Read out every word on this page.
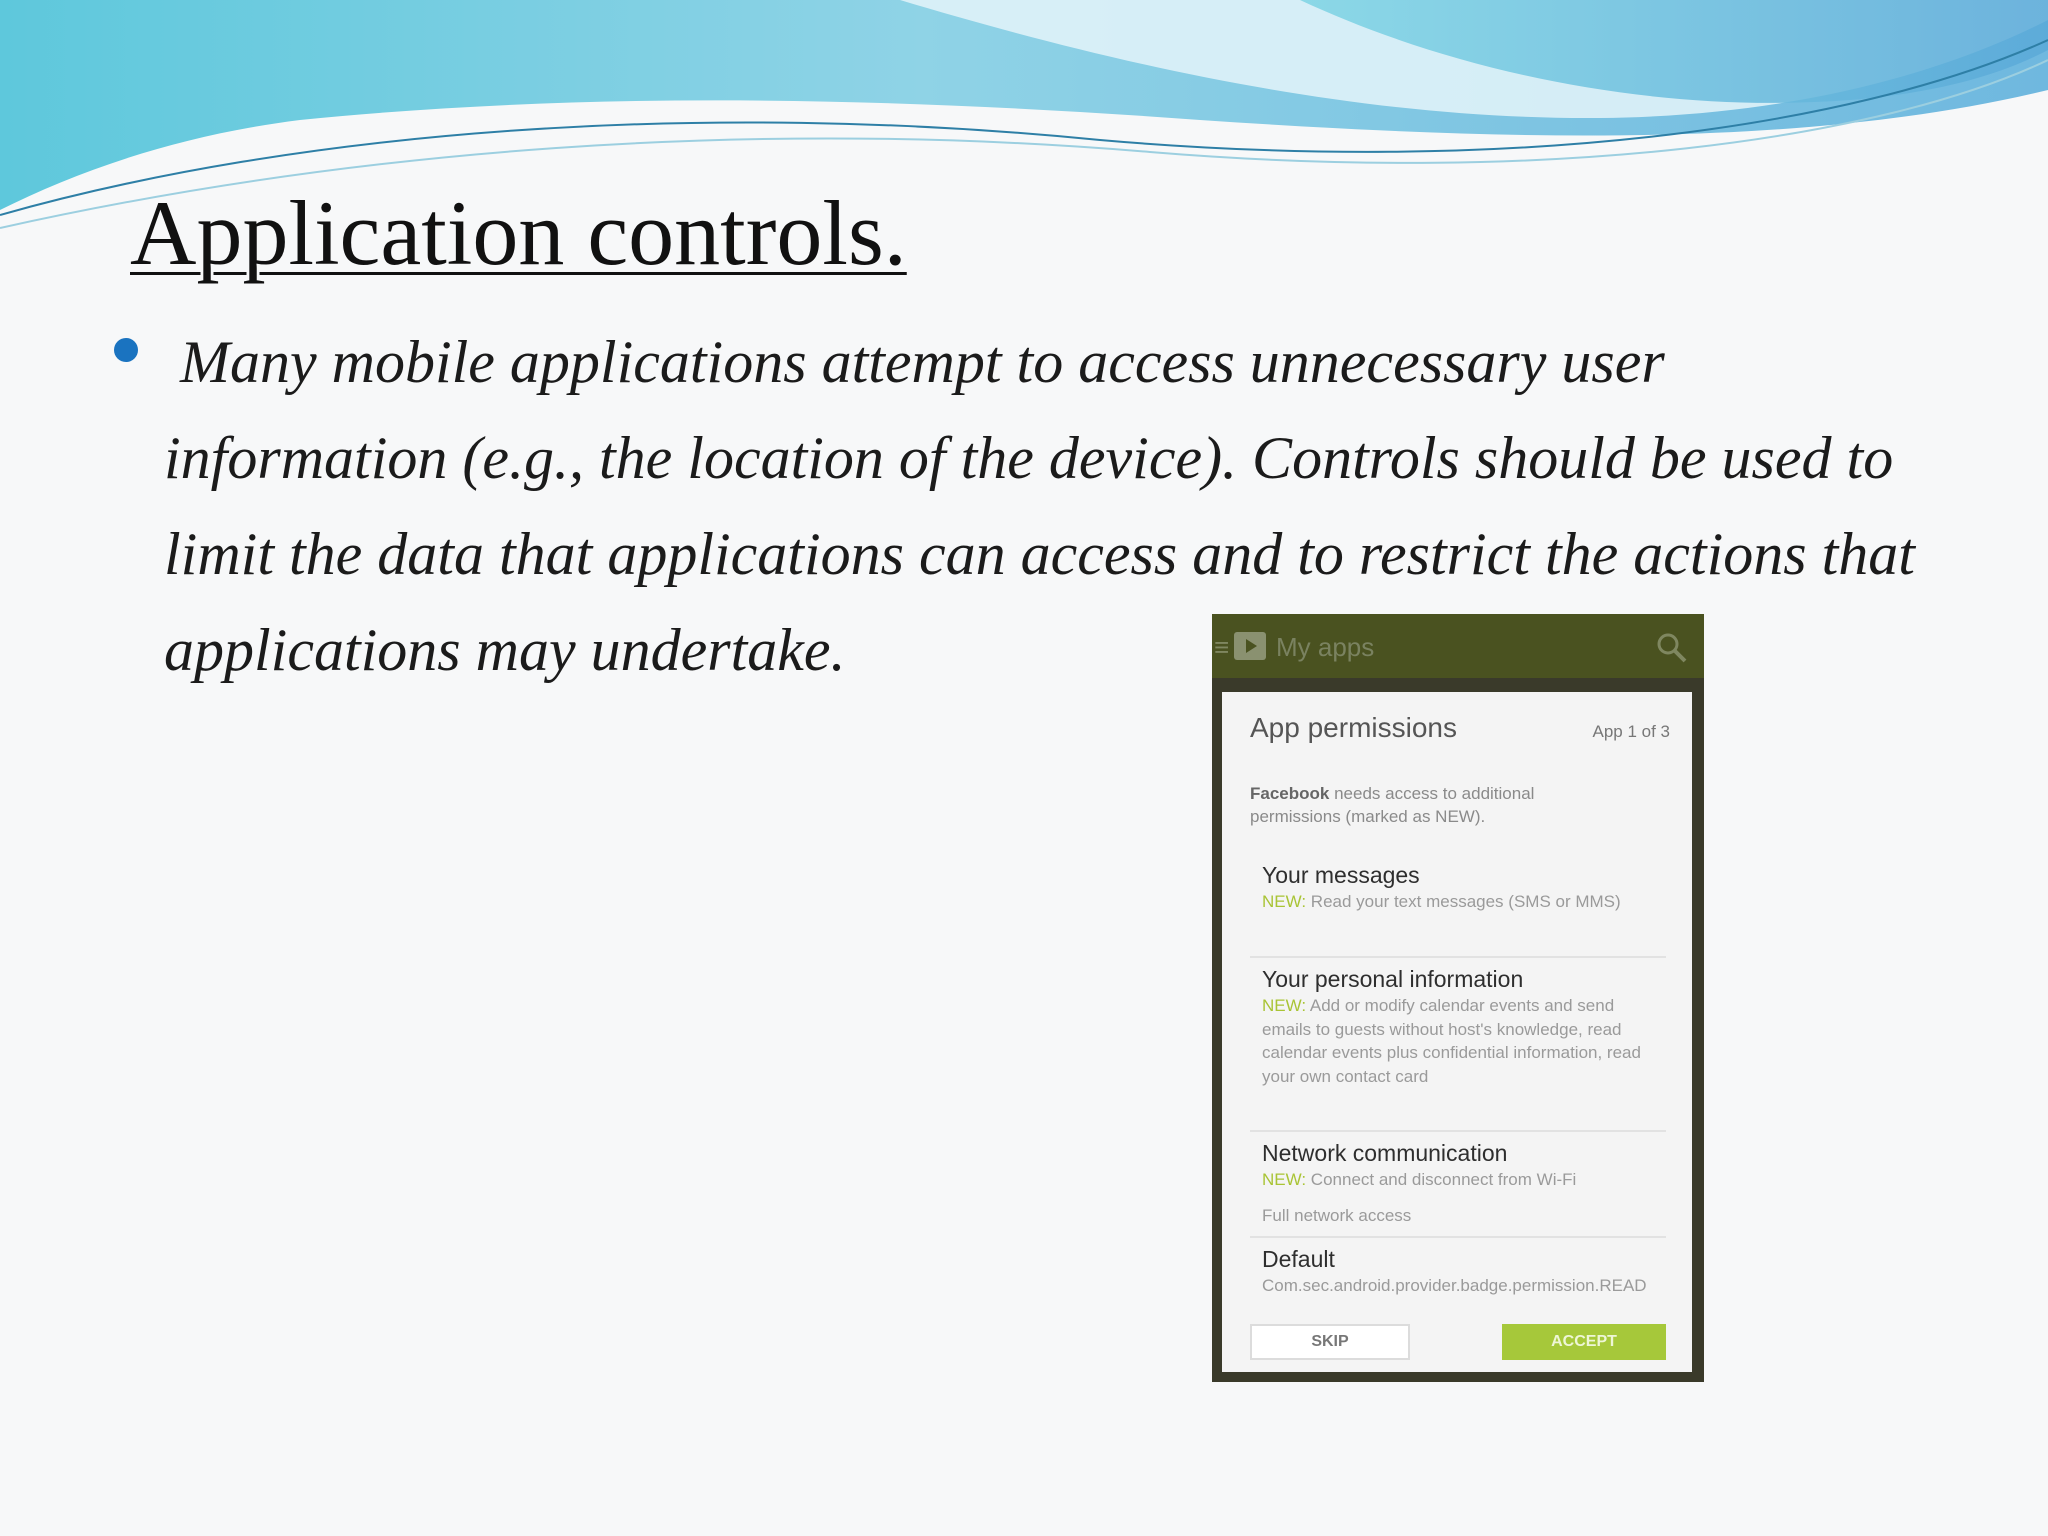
Application controls.
Many mobile applications attempt to access unnecessary user information (e.g., the location of the device). Controls should be used to limit the data that applications can access and to restrict the actions that applications may undertake.	≡ My apps
App permissions	App 1 of 3
Facebook needs access to additional permissions (marked as NEW).
Your messages
NEW: Read your text messages (SMS or MMS)
Your personal information
NEW: Add or modify calendar events and send emails to guests without host's knowledge, read calendar events plus confidential information, read your own contact card
Network communication
NEW: Connect and disconnect from Wi-Fi
Full network access
Default
Com.sec.android.provider.badge.permission.READ
SKIP	ACCEPT
